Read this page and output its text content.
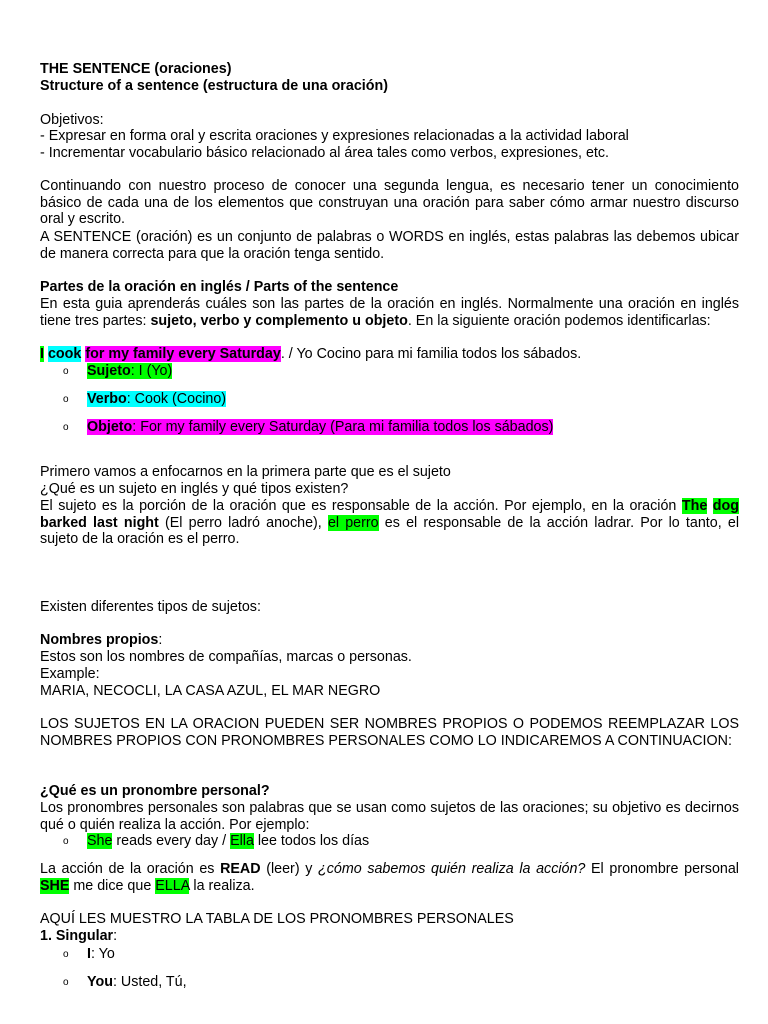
THE SENTENCE (oraciones)

Structure of a sentence (estructura de una oración)

Objetivos:

- Expresar en forma oral y escrita oraciones y expresiones relacionadas a la actividad laboral

- Incrementar vocabulario básico relacionado al área tales como verbos, expresiones, etc.

Continuando con nuestro proceso de conocer una segunda lengua, es necesario tener un conocimiento básico de cada una de los elementos que construyan una oración para saber cómo armar nuestro discurso oral y escrito.

A SENTENCE (oración) es un conjunto de palabras o WORDS en inglés, estas palabras las debemos ubicar de manera correcta para que la oración tenga sentido.

Partes de la oración en inglés / Parts of the sentence

En esta guia aprenderás cuáles son las partes de la oración en inglés. Normalmente una oración en inglés tiene tres partes: sujeto, verbo y complemento u objeto. En la siguiente oración podemos identificarlas:

I cook for my family every Saturday. / Yo Cocino para mi familia todos los sábados.

o Sujeto: I (Yo)

o Verbo: Cook (Cocino)

o Objeto: For my family every Saturday (Para mi familia todos los sábados)

Primero vamos a enfocarnos en la primera parte que es el sujeto

¿Qué es un sujeto en inglés y qué tipos existen?

El sujeto es la porción de la oración que es responsable de la acción. Por ejemplo, en la oración The dog barked last night (El perro ladró anoche), el perro es el responsable de la acción ladrar. Por lo tanto, el sujeto de la oración es el perro.

Existen diferentes tipos de sujetos:

Nombres propios:

Estos son los nombres de compañías, marcas o personas.

Example:

MARIA, NECOCLI, LA CASA AZUL, EL MAR NEGRO

LOS SUJETOS EN LA ORACION PUEDEN SER NOMBRES PROPIOS O PODEMOS REEMPLAZAR LOS NOMBRES PROPIOS CON PRONOMBRES PERSONALES COMO LO INDICAREMOS A CONTINUACION:

¿Qué es un pronombre personal?

Los pronombres personales son palabras que se usan como sujetos de las oraciones; su objetivo es decirnos qué o quién realiza la acción. Por ejemplo:

o She reads every day / Ella lee todos los días

La acción de la oración es READ (leer) y ¿cómo sabemos quién realiza la acción? El pronombre personal SHE me dice que ELLA la realiza.

AQUÍ LES MUESTRO LA TABLA DE LOS PRONOMBRES PERSONALES

1. Singular:

o I: Yo

o You: Usted, Tú,
